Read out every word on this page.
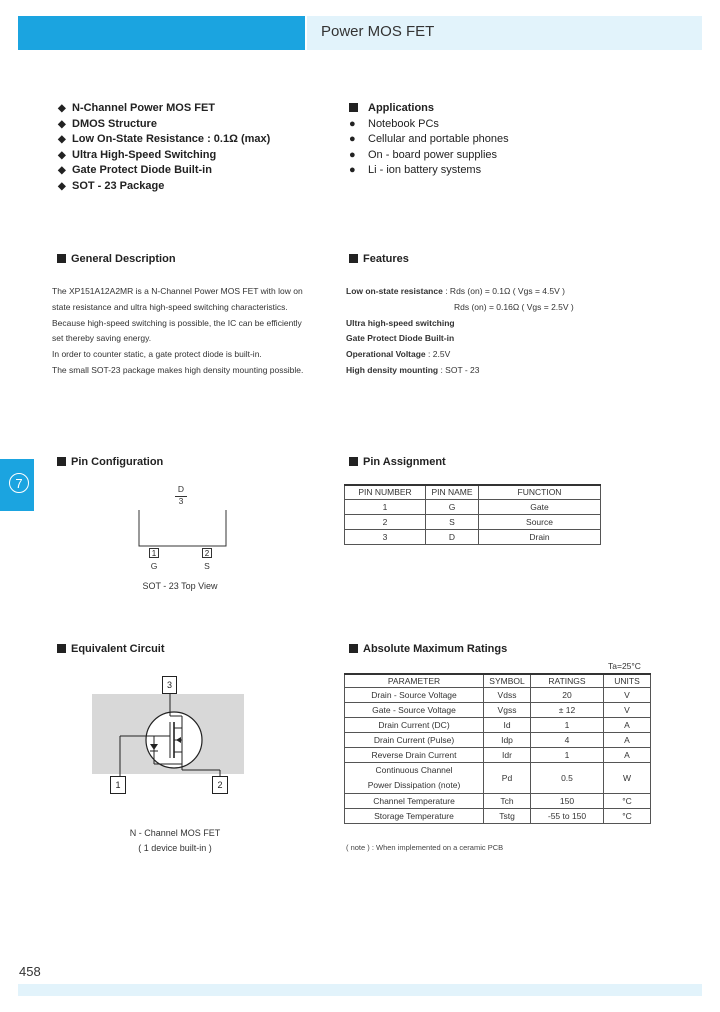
Power MOS FET
7
◆ N-Channel Power MOS FET
◆ DMOS Structure
◆ Low On-State Resistance : 0.1Ω (max)
◆ Ultra High-Speed Switching
◆ Gate Protect Diode Built-in
◆ SOT - 23 Package
Applications
● Notebook PCs
● Cellular and portable phones
● On - board power supplies
● Li - ion battery systems
General Description
The XP151A12A2MR is a N-Channel Power MOS FET with low on
state resistance and ultra high-speed switching characteristics.
Because high-speed switching is possible, the IC can be efficiently
set thereby saving energy.
In order to counter static, a gate protect diode is built-in.
The small SOT-23 package makes high density mounting possible.
Features
Low on-state resistance : Rds (on) = 0.1Ω ( Vgs = 4.5V )
Rds (on) = 0.16Ω ( Vgs = 2.5V )
Ultra high-speed switching
Gate Protect Diode Built-in
Operational Voltage : 2.5V
High density mounting : SOT - 23
Pin Configuration
D
3
1	2
G	S
SOT - 23 Top View
Pin Assignment
PIN NUMBER	PIN NAME	FUNCTION
1	G	Gate
2	S	Source
3	D	Drain
Equivalent Circuit
3
1	2
N - Channel MOS FET
( 1 device built-in )
Absolute Maximum Ratings
Ta=25°C
PARAMETER	SYMBOL	RATINGS	UNITS
Drain - Source Voltage	Vdss	20	V
Gate - Source Voltage	Vgss	± 12	V
Drain Current (DC)	Id	1	A
Drain Current (Pulse)	Idp	4	A
Reverse Drain Current	Idr	1	A
Continuous Channel Power Dissipation (note)	Pd	0.5	W
Channel Temperature	Tch	150	°C
Storage Temperature	Tstg	-55 to 150	°C
( note ) : When implemented on a ceramic PCB
458
